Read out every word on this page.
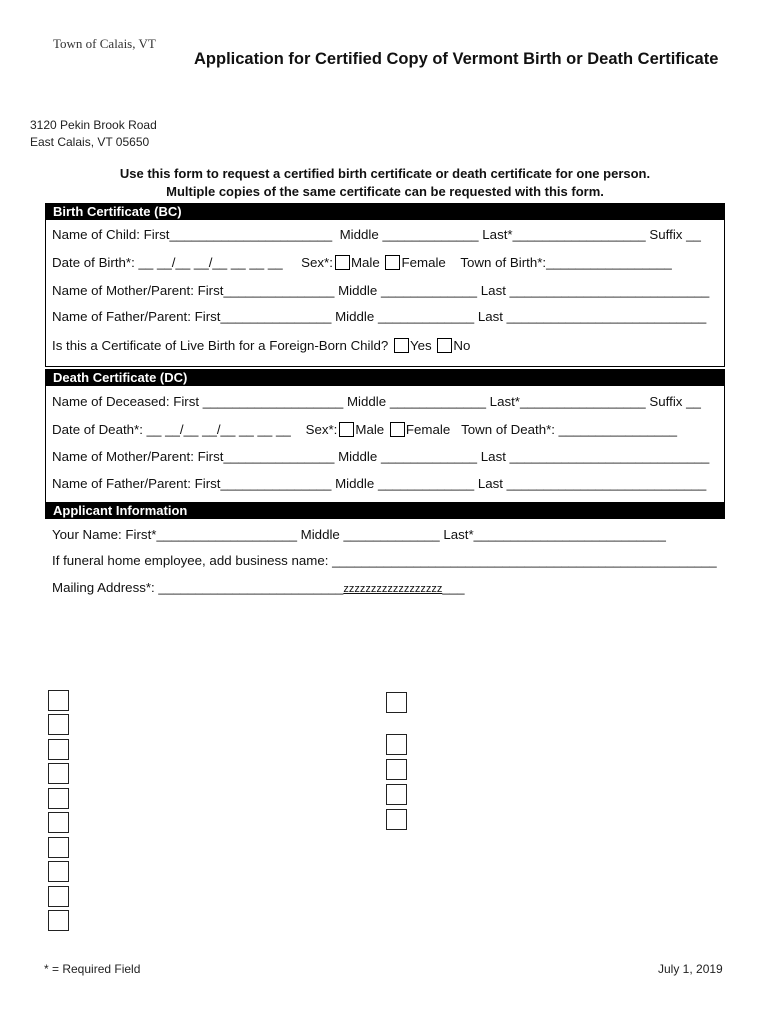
Town of Calais, VT
Application for Certified Copy of Vermont Birth or Death Certificate
3120 Pekin Brook Road
East Calais, VT 05650
Use this form to request a certified birth certificate or death certificate for one person.
Multiple copies of the same certificate can be requested with this form.
Birth Certificate (BC)
Name of Child: First______________________  Middle _____________ Last*__________________ Suffix __
Date of Birth*: __ __/__ __/__ __ __ __     Sex*: Male Female Town of Birth*:_________________
Name of Mother/Parent: First_______________ Middle _____________ Last ___________________________
Name of Father/Parent: First_______________ Middle _____________ Last ___________________________
Is this a Certificate of Live Birth for a Foreign-Born Child? Yes No
Death Certificate (DC)
Name of Deceased: First ___________________ Middle _____________ Last*_________________ Suffix __
Date of Death*: __ __/__ __/__ __ __ __    Sex*: Male Female Town of Death*: ________________
Name of Mother/Parent: First_______________ Middle _____________ Last ___________________________
Name of Father/Parent: First_______________ Middle _____________ Last ___________________________
Applicant Information
Your Name: First*___________________ Middle _____________ Last*__________________________
If funeral home employee, add business name: ____________________________________________________
Mailing Address*: _________________________zzzzzzzzzzzzzzzzzz___
* = Required Field	July 1, 2019
